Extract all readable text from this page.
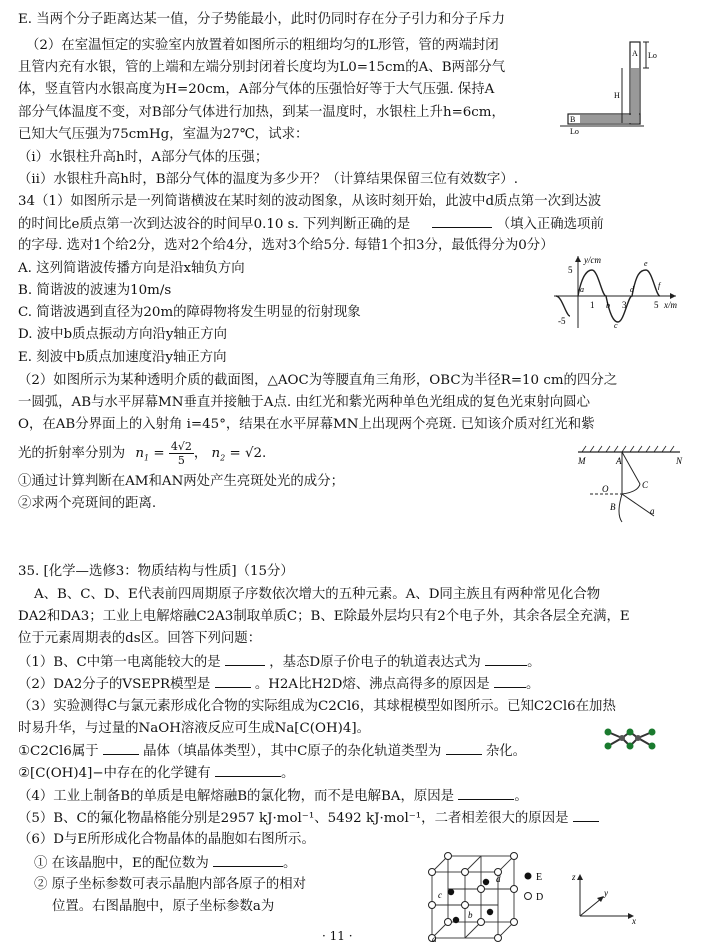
E. 当两个分子距离达某一值，分子势能最小，此时仍同时存在分子引力和分子斥力
（2）在室温恒定的实验室内放置着如图所示的粗细均匀的L形管，管的两端封闭
且管内充有水银，管的上端和左端分别封闭着长度均为L0=15cm的A、B两部分气
体，竖直管内水银高度为H=20cm，A部分气体的压强恰好等于大气压强. 保持A
部分气体温度不变，对B部分气体进行加热，到某一温度时，水银柱上升h=6cm，
已知大气压强为75cmHg，室温为27℃，试求：
（i）水银柱升高h时，A部分气体的压强；
（ii）水银柱升高h时，B部分气体的温度为多少开？（计算结果保留三位有效数字）.
Lo
A
H
B
Lo
34（1）如图所示是一列简谐横波在某时刻的波动图象，从该时刻开始，此波中d质点第一次到达波
的时间比e质点第一次到达波谷的时间早0.10 s. 下列判断正确的是	（填入正确选项前
的字母. 选对1个给2分，选对2个给4分，选对3个给5分. 每错1个扣3分，最低得分为0分）
A. 这列简谐波传播方向是沿x轴负方向
B. 简谐波的波速为10m/s
C. 简谐波遇到直径为20m的障碍物将发生明显的衍射现象
D. 波中b质点振动方向沿y轴正方向
E. 刻波中b质点加速度沿y轴正方向
y/cm
x/m
5
1	3	5
-5
a
b
c
d
e
f
（2）如图所示为某种透明介质的截面图，△AOC为等腰直角三角形，OBC为半径R=10 cm的四分之
一圆弧，AB与水平屏幕MN垂直并接触于A点. 由红光和紫光两种单色光组成的复色光束射向圆心
O，在AB分界面上的入射角 i=45°，结果在水平屏幕MN上出现两个亮斑. 已知该介质对红光和紫
光的折射率分别为 $n_1 = \frac{4√2}{5}$ ， $n_2 = √2$.
①通过计算判断在AM和AN两处产生亮斑处光的成分；
②求两个亮斑间的距离.
M	A	N
O	C
B	a
35. [化学—选修3：物质结构与性质]（15分）
A、B、C、D、E代表前四周期原子序数依次增大的五种元素。A、D同主族且有两种常见化合物
DA2和DA3；工业上电解熔融C2A3制取单质C；B、E除最外层均只有2个电子外，其余各层全充满，E
位于元素周期表的ds区。回答下列问题：
（1）B、C中第一电离能较大的是	，基态D原子价电子的轨道表达式为	。
（2）DA2分子的VSEPR模型是	。H2A比H2D熔、沸点高得多的原因是	。
（3）实验测得C与氯元素形成化合物的实际组成为C2Cl6，其球棍模型如图所示。已知C2Cl6在加热
时易升华，与过量的NaOH溶液反应可生成Na[C(OH)4]。
①C2Cl6属于	晶体（填晶体类型），其中C原子的杂化轨道类型为	杂化。
②[C(OH)4]−中存在的化学键有	。
（4）工业上制备B的单质是电解熔融B的氯化物，而不是电解BA，原因是	。
（5）B、C的氟化物晶格能分别是2957 kJ·mol⁻¹、5492 kJ·mol⁻¹，二者相差很大的原因是
（6）D与E所形成化合物晶体的晶胞如右图所示。
① 在该晶胞中，E的配位数为	。
② 原子坐标参数可表示晶胞内部各原子的相对
位置。右图晶胞中，原子坐标参数a为
d
c
b
a
E
D
z
y
x
· 11 ·
